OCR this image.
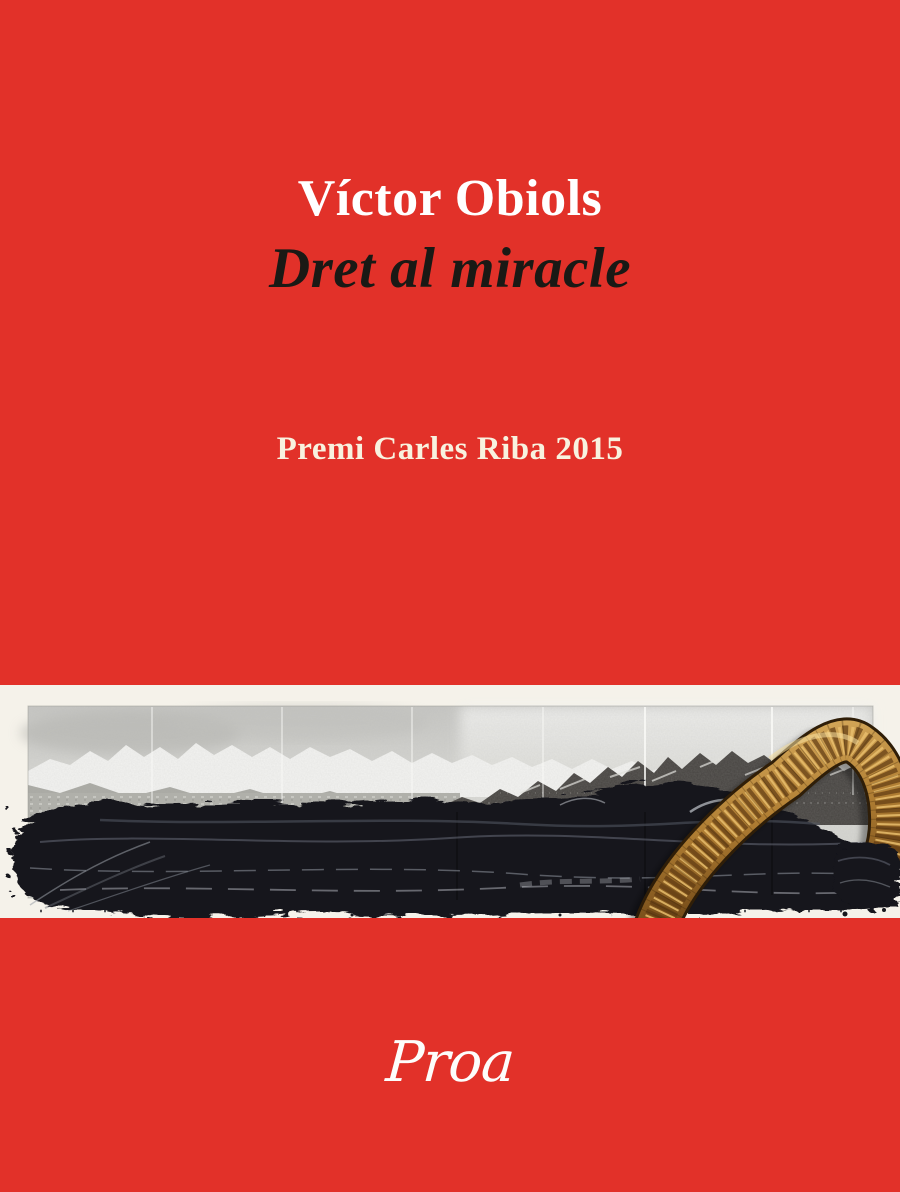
Víctor Obiols
Dret al miracle
Premi Carles Riba 2015
Proa
